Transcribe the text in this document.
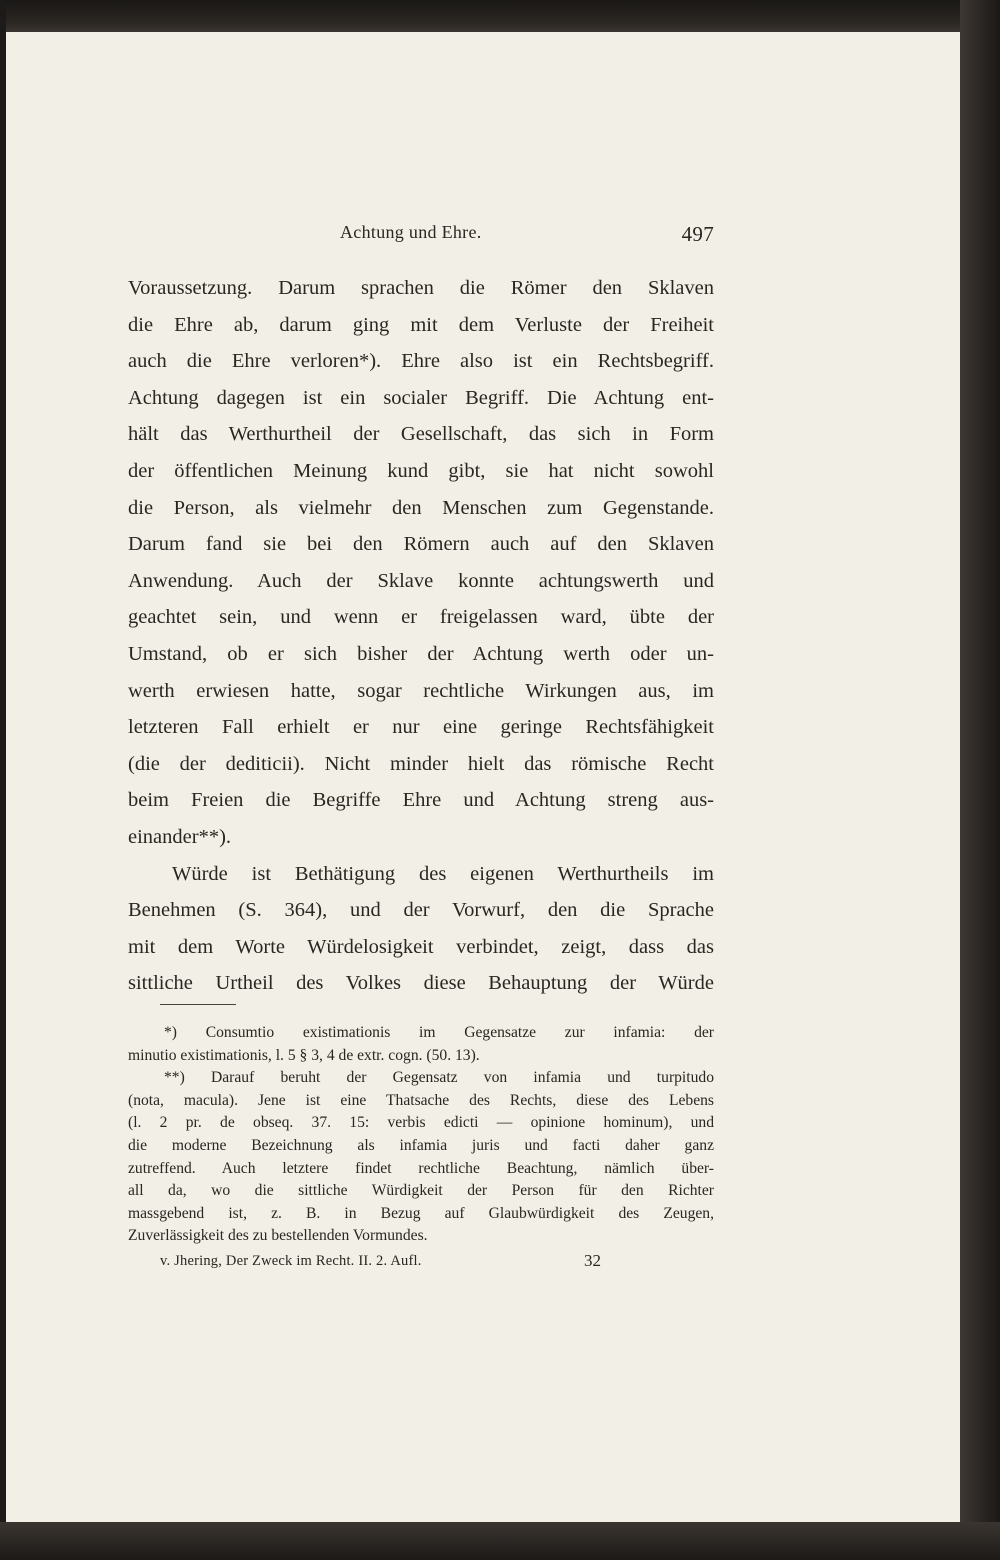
Achtung und Ehre.	497
Voraussetzung. Darum sprachen die Römer den Sklaven
die Ehre ab, darum ging mit dem Verluste der Freiheit
auch die Ehre verloren*). Ehre also ist ein Rechtsbegriff.
Achtung dagegen ist ein socialer Begriff. Die Achtung ent-
hält das Werthurtheil der Gesellschaft, das sich in Form
der öffentlichen Meinung kund gibt, sie hat nicht sowohl
die Person, als vielmehr den Menschen zum Gegenstande.
Darum fand sie bei den Römern auch auf den Sklaven
Anwendung. Auch der Sklave konnte achtungswerth und
geachtet sein, und wenn er freigelassen ward, übte der
Umstand, ob er sich bisher der Achtung werth oder un-
werth erwiesen hatte, sogar rechtliche Wirkungen aus, im
letzteren Fall erhielt er nur eine geringe Rechtsfähigkeit
(die der dediticii). Nicht minder hielt das römische Recht
beim Freien die Begriffe Ehre und Achtung streng aus-
einander**).
Würde ist Bethätigung des eigenen Werthurtheils im
Benehmen (S. 364), und der Vorwurf, den die Sprache
mit dem Worte Würdelosigkeit verbindet, zeigt, dass das
sittliche Urtheil des Volkes diese Behauptung der Würde
*) Consumtio existimationis im Gegensatze zur infamia: der
minutio existimationis, l. 5 § 3, 4 de extr. cogn. (50. 13).
**) Darauf beruht der Gegensatz von infamia und turpitudo
(nota, macula). Jene ist eine Thatsache des Rechts, diese des Lebens
(l. 2 pr. de obseq. 37. 15: verbis edicti — opinione hominum), und
die moderne Bezeichnung als infamia juris und facti daher ganz
zutreffend. Auch letztere findet rechtliche Beachtung, nämlich über-
all da, wo die sittliche Würdigkeit der Person für den Richter
massgebend ist, z. B. in Bezug auf Glaubwürdigkeit des Zeugen,
Zuverlässigkeit des zu bestellenden Vormundes.
v. Jhering, Der Zweck im Recht. II. 2. Aufl.	32
